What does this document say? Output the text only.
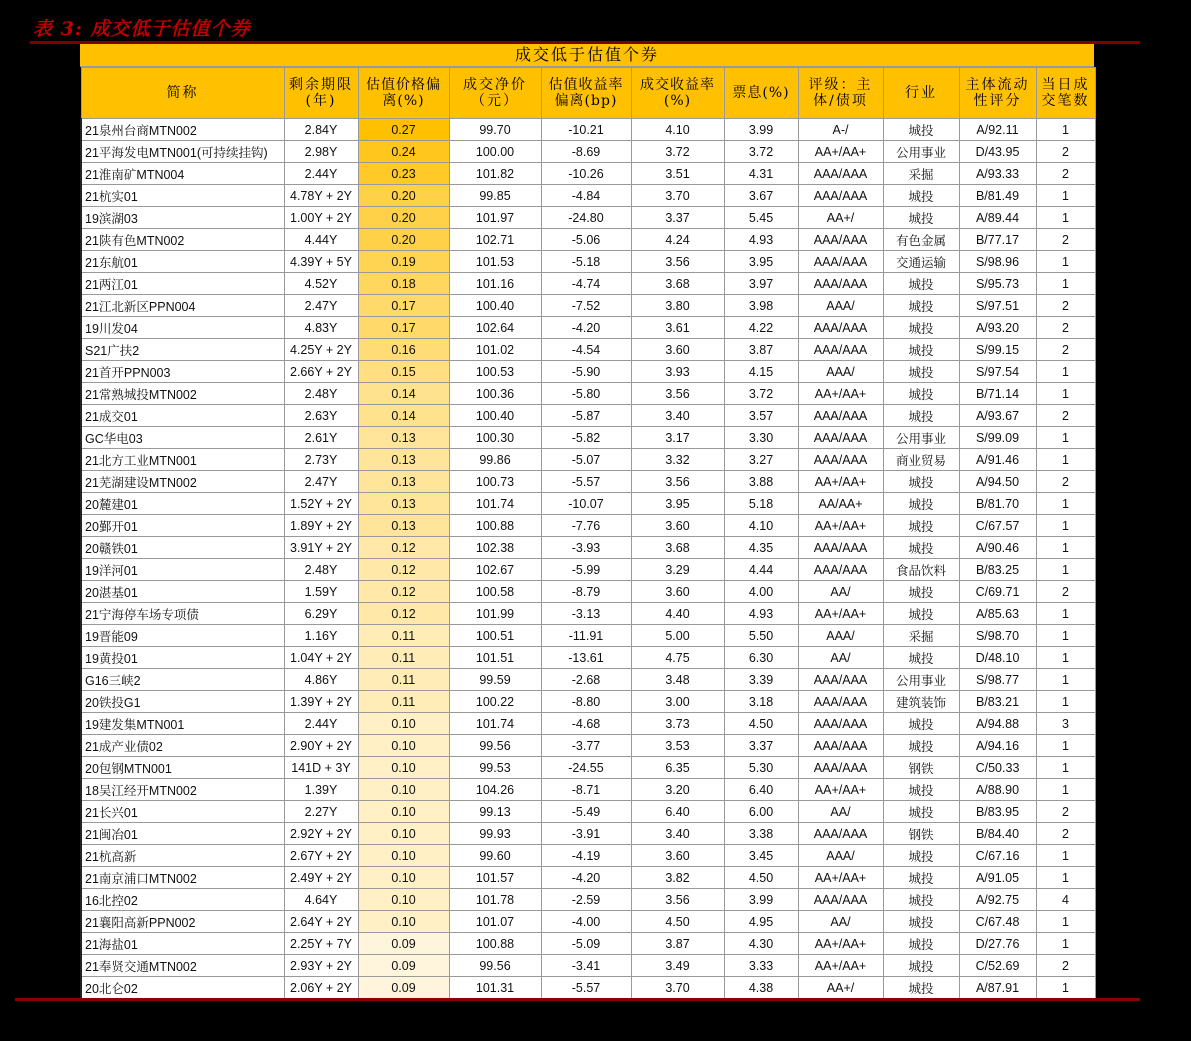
表 3: 成交低于估值个券
成交低于估值个券
简称	剩余期限(年)	估值价格偏离(%)	成交净价（元）	估值收益率偏离(bp)	成交收益率(%)	票息(%)	评级：主体/债项	行业	主体流动性评分	当日成交笔数
21泉州台商MTN002	2.84Y	0.27	99.70	-10.21	4.10	3.99	A-/	城投	A/92.11	1
21平海发电MTN001(可持续挂钩)	2.98Y	0.24	100.00	-8.69	3.72	3.72	AA+/AA+	公用事业	D/43.95	2
21淮南矿MTN004	2.44Y	0.23	101.82	-10.26	3.51	4.31	AAA/AAA	采掘	A/93.33	2
21杭实01	4.78Y + 2Y	0.20	99.85	-4.84	3.70	3.67	AAA/AAA	城投	B/81.49	1
19滨湖03	1.00Y + 2Y	0.20	101.97	-24.80	3.37	5.45	AA+/	城投	A/89.44	1
21陕有色MTN002	4.44Y	0.20	102.71	-5.06	4.24	4.93	AAA/AAA	有色金属	B/77.17	2
21东航01	4.39Y + 5Y	0.19	101.53	-5.18	3.56	3.95	AAA/AAA	交通运输	S/98.96	1
21两江01	4.52Y	0.18	101.16	-4.74	3.68	3.97	AAA/AAA	城投	S/95.73	1
21江北新区PPN004	2.47Y	0.17	100.40	-7.52	3.80	3.98	AAA/	城投	S/97.51	2
19川发04	4.83Y	0.17	102.64	-4.20	3.61	4.22	AAA/AAA	城投	A/93.20	2
S21广扶2	4.25Y + 2Y	0.16	101.02	-4.54	3.60	3.87	AAA/AAA	城投	S/99.15	2
21首开PPN003	2.66Y + 2Y	0.15	100.53	-5.90	3.93	4.15	AAA/	城投	S/97.54	1
21常熟城投MTN002	2.48Y	0.14	100.36	-5.80	3.56	3.72	AA+/AA+	城投	B/71.14	1
21成交01	2.63Y	0.14	100.40	-5.87	3.40	3.57	AAA/AAA	城投	A/93.67	2
GC华电03	2.61Y	0.13	100.30	-5.82	3.17	3.30	AAA/AAA	公用事业	S/99.09	1
21北方工业MTN001	2.73Y	0.13	99.86	-5.07	3.32	3.27	AAA/AAA	商业贸易	A/91.46	1
21芜湖建设MTN002	2.47Y	0.13	100.73	-5.57	3.56	3.88	AA+/AA+	城投	A/94.50	2
20麓建01	1.52Y + 2Y	0.13	101.74	-10.07	3.95	5.18	AA/AA+	城投	B/81.70	1
20鄞开01	1.89Y + 2Y	0.13	100.88	-7.76	3.60	4.10	AA+/AA+	城投	C/67.57	1
20赣铁01	3.91Y + 2Y	0.12	102.38	-3.93	3.68	4.35	AAA/AAA	城投	A/90.46	1
19洋河01	2.48Y	0.12	102.67	-5.99	3.29	4.44	AAA/AAA	食品饮料	B/83.25	1
20湛基01	1.59Y	0.12	100.58	-8.79	3.60	4.00	AA/	城投	C/69.71	2
21宁海停车场专项债	6.29Y	0.12	101.99	-3.13	4.40	4.93	AA+/AA+	城投	A/85.63	1
19晋能09	1.16Y	0.11	100.51	-11.91	5.00	5.50	AAA/	采掘	S/98.70	1
19黄投01	1.04Y + 2Y	0.11	101.51	-13.61	4.75	6.30	AA/	城投	D/48.10	1
G16三峡2	4.86Y	0.11	99.59	-2.68	3.48	3.39	AAA/AAA	公用事业	S/98.77	1
20铁投G1	1.39Y + 2Y	0.11	100.22	-8.80	3.00	3.18	AAA/AAA	建筑装饰	B/83.21	1
19建发集MTN001	2.44Y	0.10	101.74	-4.68	3.73	4.50	AAA/AAA	城投	A/94.88	3
21成产业债02	2.90Y + 2Y	0.10	99.56	-3.77	3.53	3.37	AAA/AAA	城投	A/94.16	1
20包钢MTN001	141D + 3Y	0.10	99.53	-24.55	6.35	5.30	AAA/AAA	钢铁	C/50.33	1
18吴江经开MTN002	1.39Y	0.10	104.26	-8.71	3.20	6.40	AA+/AA+	城投	A/88.90	1
21长兴01	2.27Y	0.10	99.13	-5.49	6.40	6.00	AA/	城投	B/83.95	2
21闽冶01	2.92Y + 2Y	0.10	99.93	-3.91	3.40	3.38	AAA/AAA	钢铁	B/84.40	2
21杭高新	2.67Y + 2Y	0.10	99.60	-4.19	3.60	3.45	AAA/	城投	C/67.16	1
21南京浦口MTN002	2.49Y + 2Y	0.10	101.57	-4.20	3.82	4.50	AA+/AA+	城投	A/91.05	1
16北控02	4.64Y	0.10	101.78	-2.59	3.56	3.99	AAA/AAA	城投	A/92.75	4
21襄阳高新PPN002	2.64Y + 2Y	0.10	101.07	-4.00	4.50	4.95	AA/	城投	C/67.48	1
21海盐01	2.25Y + 7Y	0.09	100.88	-5.09	3.87	4.30	AA+/AA+	城投	D/27.76	1
21奉贤交通MTN002	2.93Y + 2Y	0.09	99.56	-3.41	3.49	3.33	AA+/AA+	城投	C/52.69	2
20北仑02	2.06Y + 2Y	0.09	101.31	-5.57	3.70	4.38	AA+/	城投	A/87.91	1
